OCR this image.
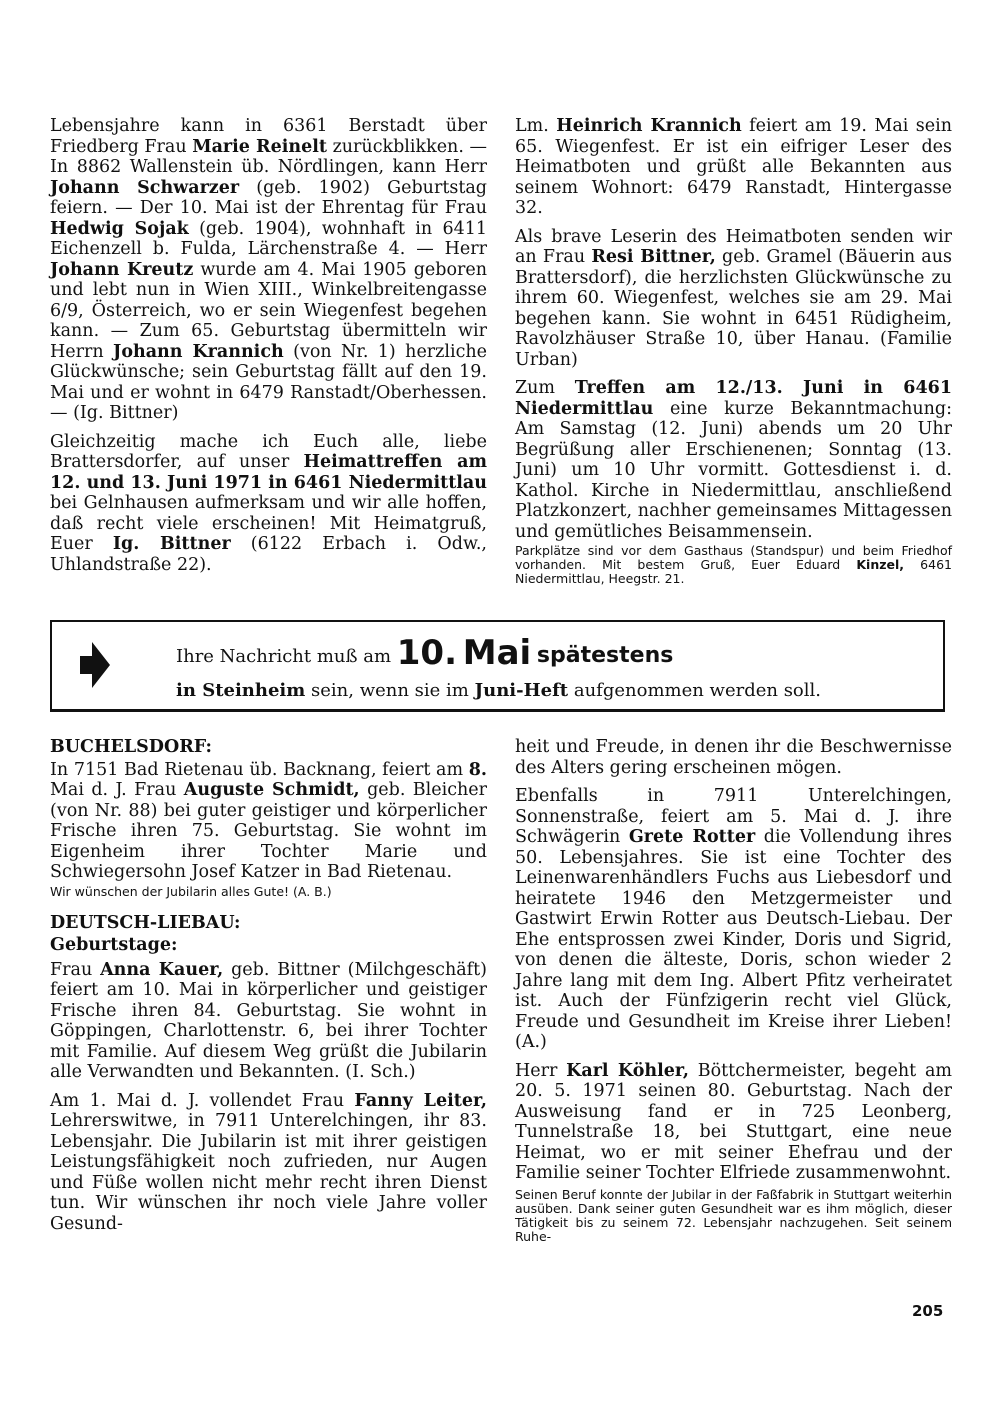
Lebensjahre kann in 6361 Berstadt über Friedberg Frau Marie Reinelt zurückblikken. — In 8862 Wallenstein üb. Nördlingen, kann Herr Johann Schwarzer (geb. 1902) Geburtstag feiern. — Der 10. Mai ist der Ehrentag für Frau Hedwig Sojak (geb. 1904), wohnhaft in 6411 Eichenzell b. Fulda, Lärchenstraße 4. — Herr Johann Kreutz wurde am 4. Mai 1905 geboren und lebt nun in Wien XIII., Winkelbreitengasse 6/9, Österreich, wo er sein Wiegenfest begehen kann. — Zum 65. Geburtstag übermitteln wir Herrn Johann Krannich (von Nr. 1) herzliche Glückwünsche; sein Geburtstag fällt auf den 19. Mai und er wohnt in 6479 Ranstadt/Oberhessen. — (Ig. Bittner)

Gleichzeitig mache ich Euch alle, liebe Brattersdorfer, auf unser Heimattreffen am 12. und 13. Juni 1971 in 6461 Niedermittlau bei Gelnhausen aufmerksam und wir alle hoffen, daß recht viele erscheinen! Mit Heimatgruß, Euer Ig. Bittner (6122 Erbach i. Odw., Uhlandstraße 22).

Lm. Heinrich Krannich feiert am 19. Mai sein 65. Wiegenfest. Er ist ein eifriger Leser des Heimatboten und grüßt alle Bekannten aus seinem Wohnort: 6479 Ranstadt, Hintergasse 32.

Als brave Leserin des Heimatboten senden wir an Frau Resi Bittner, geb. Gramel (Bäuerin aus Brattersdorf), die herzlichsten Glückwünsche zu ihrem 60. Wiegenfest, welches sie am 29. Mai begehen kann. Sie wohnt in 6451 Rüdigheim, Ravolzhäuser Straße 10, über Hanau. (Familie Urban)

Zum Treffen am 12./13. Juni in 6461 Niedermittlau eine kurze Bekanntmachung: Am Samstag (12. Juni) abends um 20 Uhr Begrüßung aller Erschienenen; Sonntag (13. Juni) um 10 Uhr vormitt. Gottesdienst i. d. Kathol. Kirche in Niedermittlau, anschließend Platzkonzert, nachher gemeinsames Mittagessen und gemütliches Beisammensein.

Parkplätze sind vor dem Gasthaus (Standspur) und beim Friedhof vorhanden. Mit bestem Gruß, Euer Eduard Kinzel, 6461 Niedermittlau, Heegstr. 21.

Ihre Nachricht muß am 10. Mai spätestens
in Steinheim sein, wenn sie im Juni-Heft aufgenommen werden soll.
BUCHELSDORF:

In 7151 Bad Rietenau üb. Backnang, feiert am 8. Mai d. J. Frau Auguste Schmidt, geb. Bleicher (von Nr. 88) bei guter geistiger und körperlicher Frische ihren 75. Geburtstag. Sie wohnt im Eigenheim ihrer Tochter Marie und Schwiegersohn Josef Katzer in Bad Rietenau.

Wir wünschen der Jubilarin alles Gute! (A. B.)

DEUTSCH-LIEBAU:
Geburtstage:

Frau Anna Kauer, geb. Bittner (Milchgeschäft) feiert am 10. Mai in körperlicher und geistiger Frische ihren 84. Geburtstag. Sie wohnt in Göppingen, Charlottenstr. 6, bei ihrer Tochter mit Familie. Auf diesem Weg grüßt die Jubilarin alle Verwandten und Bekannten. (I. Sch.)

Am 1. Mai d. J. vollendet Frau Fanny Leiter, Lehrerswitwe, in 7911 Unterelchingen, ihr 83. Lebensjahr. Die Jubilarin ist mit ihrer geistigen Leistungsfähigkeit noch zufrieden, nur Augen und Füße wollen nicht mehr recht ihren Dienst tun. Wir wünschen ihr noch viele Jahre voller Gesund-

heit und Freude, in denen ihr die Beschwernisse des Alters gering erscheinen mögen.

Ebenfalls in 7911 Unterelchingen, Sonnenstraße, feiert am 5. Mai d. J. ihre Schwägerin Grete Rotter die Vollendung ihres 50. Lebensjahres. Sie ist eine Tochter des Leinenwarenhändlers Fuchs aus Liebesdorf und heiratete 1946 den Metzgermeister und Gastwirt Erwin Rotter aus Deutsch-Liebau. Der Ehe entsprossen zwei Kinder, Doris und Sigrid, von denen die älteste, Doris, schon wieder 2 Jahre lang mit dem Ing. Albert Pfitz verheiratet ist. Auch der Fünfzigerin recht viel Glück, Freude und Gesundheit im Kreise ihrer Lieben! (A.)

Herr Karl Köhler, Böttchermeister, begeht am 20. 5. 1971 seinen 80. Geburtstag. Nach der Ausweisung fand er in 725 Leonberg, Tunnelstraße 18, bei Stuttgart, eine neue Heimat, wo er mit seiner Ehefrau und der Familie seiner Tochter Elfriede zusammenwohnt.

Seinen Beruf konnte der Jubilar in der Faßfabrik in Stuttgart weiterhin ausüben. Dank seiner guten Gesundheit war es ihm möglich, dieser Tätigkeit bis zu seinem 72. Lebensjahr nachzugehen. Seit seinem Ruhe-

205
